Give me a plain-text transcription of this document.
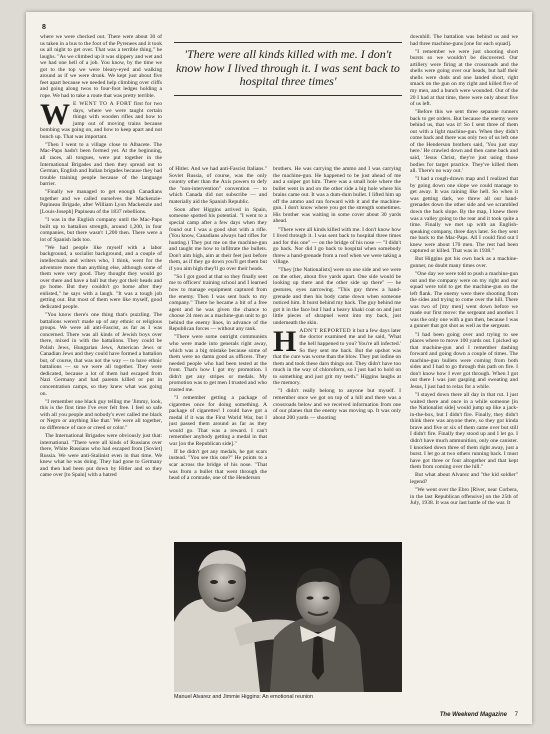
8

where we were checked out. There were about 30 of us taken in a bus to the foot of the Pyrenees and it took us all night to get over. That was a terrible thing," he laughs. "As we climbed up it was slippery and wet and we had one hell of a job. You know, by the time we got to the top we were bleary-eyed and walking around as if we were drunk. We kept just about five feet apart because we needed help climbing over cliffs and going along twos to four-foot ledges holding a rope. We had to take a route that was pretty terrible.

WE WENT TO A FORT first for two days, where we were taught certain things with wooden rifles and how to jump out of moving trains because bombing was going on, and how to keep apart and not bunch up. That was important.

"Then I went to a village close to Albacete. The Mac-Paps hadn't been formed yet. At the beginning, all races, all tongues, were put together in the International Brigades and then they spread out to German, English and Italian brigades because they had trouble training people because of the language barrier.

"Finally we managed to get enough Canadians together and we called ourselves the Mackenzie-Papineau Brigade, after William Lyon Mackenzie and [Louis-Joseph] Papineau of the 1837 rebellions.

"I was in the English company until the Mac-Paps built up to battalion strength, around 1,200, in four companies, but there wasn't 1,200 then. There were a lot of Spanish lads too.

"We had people like myself with a labor background, a socialist background, and a couple of intellectuals and writers who, I think, went for the adventure more than anything else, although some of them were very good. They thought they would go over there and have a ball but they got their heads and go home. But they couldn't go home after they enlisted," he says with a laugh. "It was a tough job getting out. But most of them were like myself, good dedicated people.

"You know there's one thing that's puzzling. The battalions weren't made up of any ethnic or religious groups. We were all anti-Fascist, as far as I was concerned. There was all kinds of Jewish boys over there, mixed in with the battalions. They could be Polish Jews, Hungarian Jews, American Jews or Canadian Jews and they could have formed a battalion but, of course, that was not the way — to have ethnic battalions — so we were all together. They were dedicated, because a lot of them had escaped from Nazi Germany and had parents killed or put in concentration camps, so they knew what was going on.

"I remember one black guy telling me 'Jimmy, look, this is the first time I've ever felt free. I feel so safe with all you people and nobody's ever called me black or Negro or anything like that.' We were all together, no difference of race or creed or color."

The International Brigades were obviously just that: international. "There were all kinds of Russians over there, White Russians who had escaped from [Soviet] Russia. We were anti-Stalinist even in that time. We knew what he was doing. They had gone to Germany and then had been put down by Hitler and so they came over [to Spain] with a hatred

'There were all kinds killed with me. I don't know how I lived through it. I was sent back to hospital three times'

of Hitler. And we had anti-Fascist Italians." Soviet Russia, of course, was the only country other than the Axis powers to defy the "non-intervention" convention — to which Canada did not subscribe — and materially aid the Spanish Republic.

Soon after Higgins arrived in Spain, someone spotted his potential. "I went to a special camp after a few days when they found out I was a good shot with a rifle. (You know, Canadians always had rifles for hunting.) They put me on the machine-gun and taught me how to infiltrate the bullets. Don't aim high, aim at their feet just before them, as if they go down you'll get them but if you aim high they'll go over their heads.

"So I got good at that so they finally sent me to officers' training school and I learned how to manage equipment captured from the enemy. Then I was sent back to my company." There he became a bit of a free agent and he was given the chance to choose 24 men as a machine-gun unit to go behind the enemy lines, in advance of the Republican forces — without any rank.

"There were some outright communists who were made into generals right away, which was a big mistake because some of them were no damn good as officers. They needed people who had been tested at the front. That's how I got my promotion. I didn't get any stripes or medals. My promotion was to get men I trusted and who trusted me.

"I remember getting a package of cigarettes once for doing something. A package of cigarettes! I could have got a medal if it was the First World War, but I just passed them around as far as they would go. That was a reward. I can't remember anybody getting a medal in that war [on the Republican side]."

If he didn't get any medals, he got scars instead. "You see this one?" He points to a scar across the bridge of his nose. "That was from a bullet that went through the head of a comrade, one of the Henderson

brothers. He was carrying the ammo and I was carrying the machine-gun. He happened to be just ahead of me and a sniper got him. There was a small hole where the bullet went in and on the other side a big hole where his brains came out. It was a dum-dum bullet. I lifted him up off the ammo and ran forward with it and the machine-gun. I don't know where you get the strength sometimes. His brother was waiting in some cover about 30 yards ahead.

"There were all kinds killed with me. I don't know how I lived through it. I was sent back to hospital three times and for this one" — on the bridge of his nose — "I didn't go back. Nor did I go back to hospital when somebody threw a hand-grenade from a roof when we were taking a village.

"They [the Nationalists] were on one side and we were on the other, about five yards apart. One side would be looking up there and the other side up there" — he gestures, eyes narrowing. "This guy threw a hand-grenade and then his body came down when someone noticed him. It burst behind my back. The guy behind me got it in the face but I had a heavy khaki coat on and just little pieces of shrapnel went into my back, just underneath the skin.

HADN'T REPORTED it but a few days later the doctor examined me and he said, 'What the hell happened to you? You're all infected.' So they sent me back. But the upshot was that the cure was worse than the blow. They put iodine on them and took these darn things out. They didn't have too much in the way of chloroform, so I just had to hold on to something and just grit my teeth." Higgins laughs at the memory.

"I didn't really belong to anyone but myself. I remember once we got on top of a hill and there was a crossroads below and we received information from one of our planes that the enemy was moving up. It was only about 200 yards — shooting

Manuel Alvarez and Jimmie Higgins: An emotional reunion

downhill. The battalion was behind us and we had three machine-guns [one for each squad].

"I remember we were just shooting short bursts so we wouldn't be discovered. Our artillery were firing at the crossroads and the shells were going over our heads, but half their shells were duds and one landed short, right smack on the gun on my right and killed five of my men, and a bunch were wounded. Out of the 20 I had at that time, there were only about five of us left.

"Before this we sent three separate runners back to get orders. But because the enemy were behind us, that was it! So I sent three of them out with a light machine-gun. When they didn't come back and there was only two of us left one of the Henderson brothers said, 'You just stay here.' He crawled down and then came back and said, 'Jesus Christ, they're just using those bodies for target practice. They've killed them all. There's no way out.'

"I had a rough-drawn map and I realized that by going down one slope we could manage to get away. It was raining like hell. So when it was getting dark, we threw all our hand-grenades down the other side and we scrambled down the back slope. By the map, I knew there was a valley going to the rear and it took quite a time. Finally we met up with an English-speaking company, three days later. So they sent me back to the Mac-Paps. All I could find out I knew were about 170 men. The rest had been captured or killed. That was in 1938."

But Higgins got his own back as a machine-gunner, no doubt many times over.

"One day we were told to push a machine-gun out and the company were on my right and our squad were told to get the machine-gun on the left flank. The enemy were there shooting from the sides and trying to come over the hill. There was two of [my men] went down before we made our first move: the sergeant and another. I was the only one with a gun then, because I was a gunner that got shot as well as the sergeant.

"I had been going over and trying to see places where to move 100 yards out. I picked up that machine-gun and I remember dashing forward and going down a couple of times. The machine-gun bullets were coming from both sides and I had to go through this path on fire. I don't know how I ever got through. When I got out there I was just gasping and sweating and Jesus, I just had to relax for a while.

"I stayed down there all day in that rut. I just waited there and once in a while someone [in the Nationalist side] would jump up like a jack-in-the-box, but I didn't fire. Finally, they didn't think there was anyone there, so they got kinda brave and five or six of them came over but still I didn't fire. Finally they stood up and I let go. I didn't have much ammunition, only one canister. I knocked down three of them right away, just a burst. I let go at two others running back. I must have got three or four altogether and that kept them from coming over the hill."

But what about Alvarez and "the kid soldier" legend?

"We went over the Ebro [River, near Corbera, in the last Republican offensive] on the 25th of July, 1938. It was our last battle of the war. It

The Weekend Magazine 7
